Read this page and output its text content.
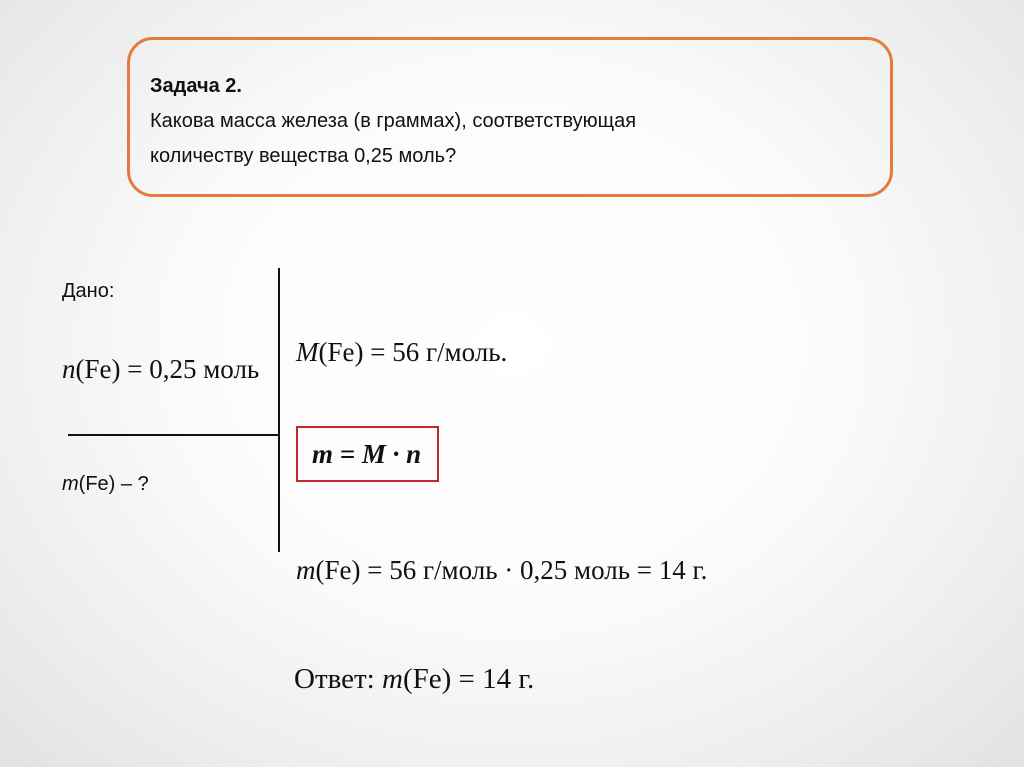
Задача 2.
Какова масса железа (в граммах), соответствующая
количеству вещества 0,25 моль?
Дано:	Решение:
n(Fe) = 0,25 моль
m(Fe) – ?
M(Fe) = 56 г/моль.
m = M · n
m(Fe) = 56 г/моль · 0,25 моль = 14 г.
Ответ: m(Fe) = 14 г.
